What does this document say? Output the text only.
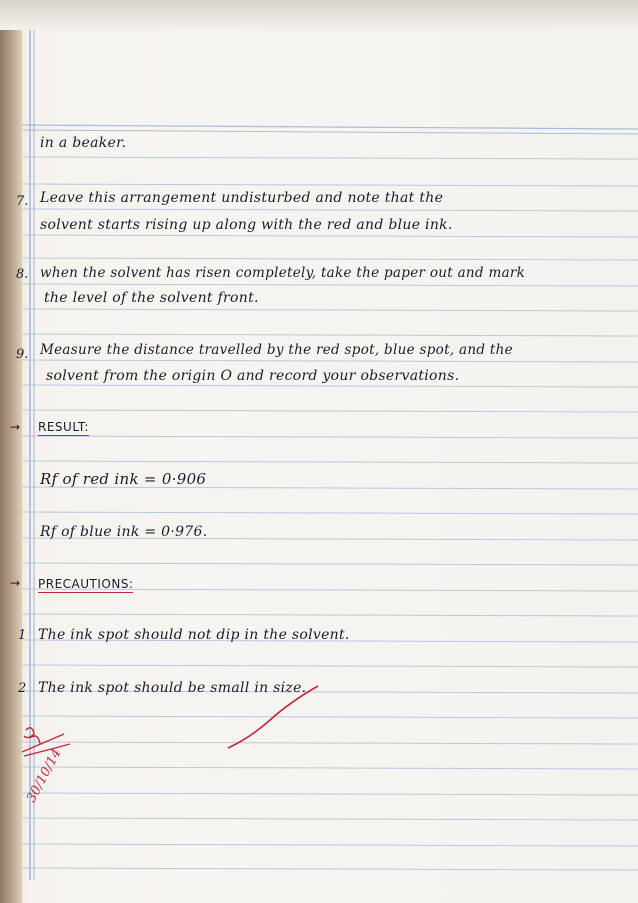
in a beaker.
7. Leave this arrangement undisturbed and note that the
solvent starts rising up along with the red and blue ink.
8. when the solvent has risen completely, take the paper out and mark
the level of the solvent front.
9. Measure the distance travelled by the red spot, blue spot, and the
solvent from the origin O and record your observations.
→ RESULT:
Rf of red ink = 0·906
Rf of blue ink = 0·976.
→ PRECAUTIONS:
1 The ink spot should not dip in the solvent.
2 The ink spot should be small in size.
30/10/14
